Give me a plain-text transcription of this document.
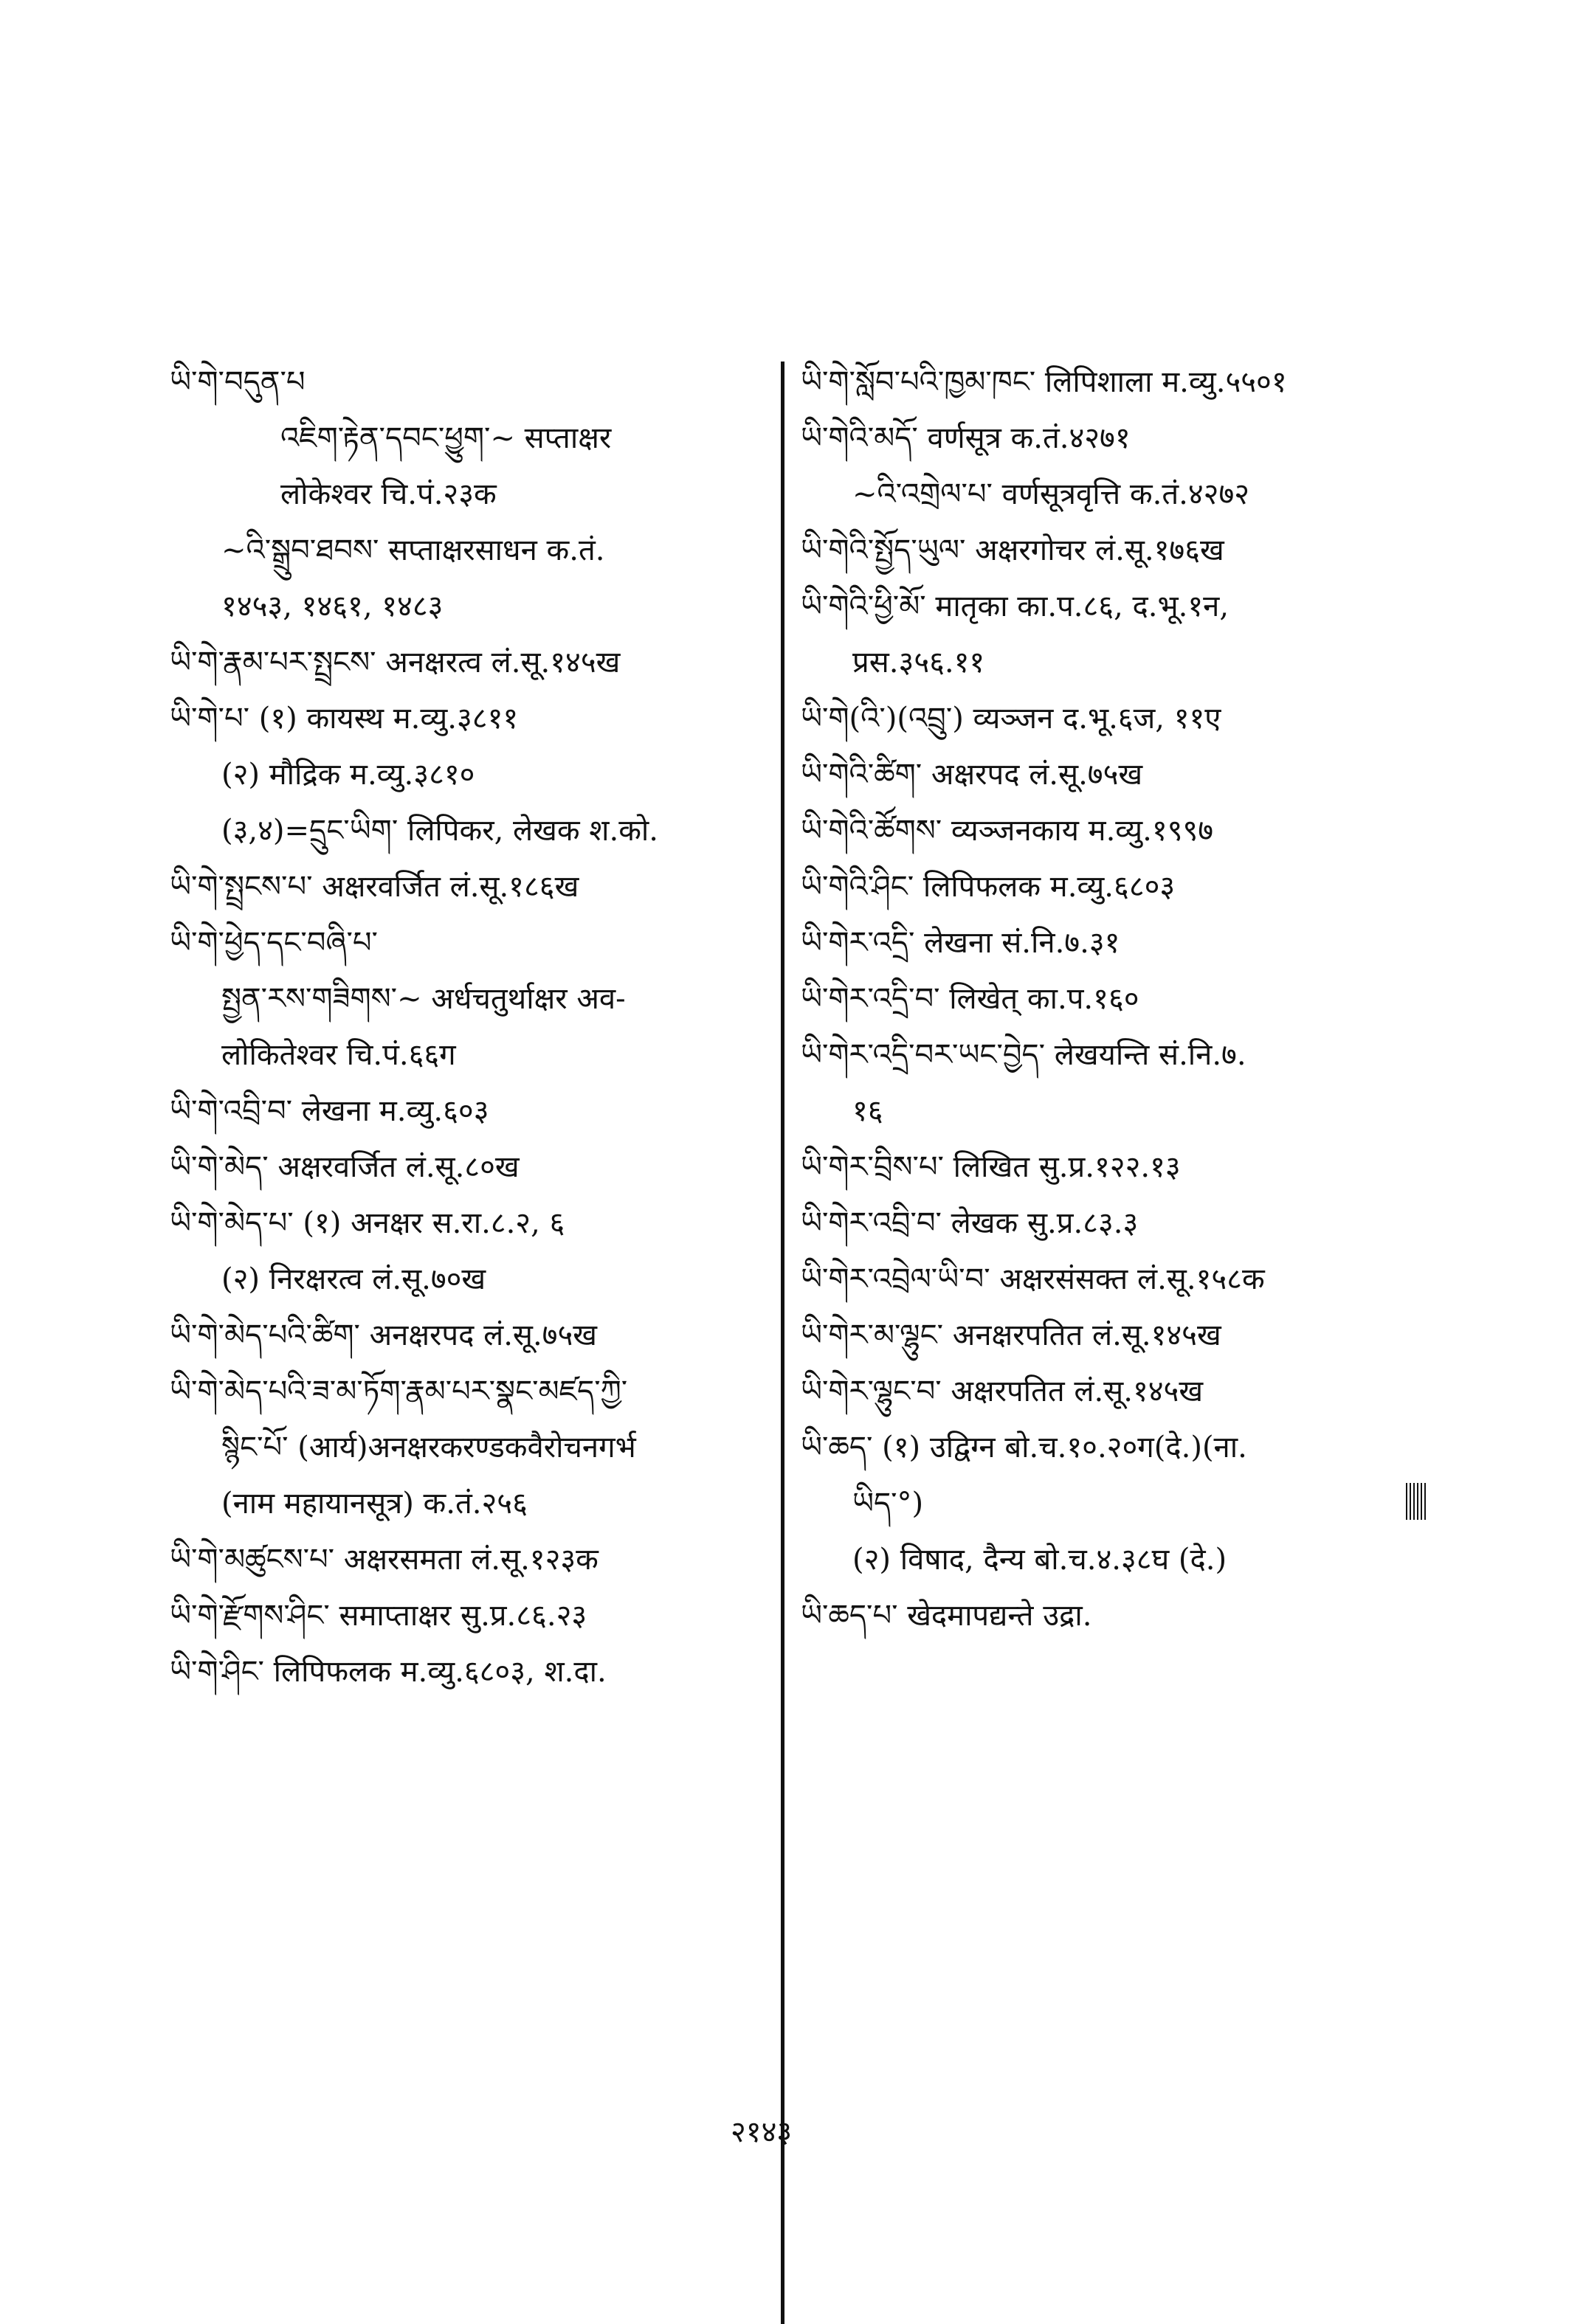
ཡི་གེ་བདུན་པ
འཇིག་རྟེན་དབང་ཕྱུག་~ सप्ताक्षर
लोकेश्वर चि.पं.२३क
~འི་སྒྲུབ་ཐབས་ सप्ताक्षरसाधन क.तं.
१४५३, १४६१, १४८३
ཡི་གེ་རྣམ་པར་སྤྲངས་ अनक्षरत्व लं.सू.१४५ख
ཡི་གེ་པ་ (१) कायस्थ म.व्यु.३८११
(२) मौद्रिक म.व्यु.३८१०
(३,४)=དྲུང་ཡིག་ लिपिकर, लेखक श.को.
ཡི་གེ་སྤྲངས་པ་ अक्षरवर्जित लं.सू.१८६ख
ཡི་གེ་ཕྱེད་དང་བཞི་པ་
སྤྱན་རས་གཟིགས་~ अर्धचतुर्थाक्षर अव-
लोकितेश्वर चि.पं.६६ग
ཡི་གེ་འབྲི་བ་ लेखना म.व्यु.६०३
ཡི་གེ་མེད་ अक्षरवर्जित लं.सू.८०ख
ཡི་གེ་མེད་པ་ (१) अनक्षर स.रा.८.२, ६
(२) निरक्षरत्व लं.सू.७०ख
ཡི་གེ་མེད་པའི་ཚིག་ अनक्षरपद लं.सू.७५ख
ཡི་གེ་མེད་པའི་ཟ་མ་ཏོག་རྣམ་པར་སྣང་མཛད་ཀྱི་
སྙིང་པོ་ (आर्य)अनक्षरकरण्डकवैरोचनगर्भ
(नाम महायानसूत्र) क.तं.२५६
ཡི་གེ་མཚུངས་པ་ अक्षरसमता लं.सू.१२३क
ཡི་གེ་རྫོགས་ཤིང་ समाप्ताक्षर सु.प्र.८६.२३
ཡི་གེ་ཤིང་ लिपिफलक म.व्यु.६८०३, श.दा.
ཡི་གེ་སློབ་པའི་ཁྱམ་ཁང་ लिपिशाला म.व्यु.५५०१
ཡི་གེའི་མདོ་ वर्णसूत्र क.तं.४२७१
~འི་འགྲེལ་པ་ वर्णसूत्रवृत्ति क.तं.४२७२
ཡི་གེའི་སྤྱོད་ཡུལ་ अक्षरगोचर लं.सू.१७६ख
ཡི་གེའི་ཕྱི་མོ་ मातृका का.प.८६, द.भू.१न,
प्रस.३५६.११
ཡི་གེ(འི་)(འབྲུ་) व्यञ्जन द.भू.६ज, ११ए
ཡི་གེའི་ཚིག་ अक्षरपद लं.सू.७५ख
ཡི་གེའི་ཚོགས་ व्यञ्जनकाय म.व्यु.१९९७
ཡི་གེའི་ཤིང་ लिपिफलक म.व्यु.६८०३
ཡི་གེར་འདྲི་ लेखना सं.नि.७.३१
ཡི་གེར་འདྲི་བ་ लिखेत् का.प.१६०
ཡི་གེར་འདྲི་བར་ཡང་བྱེད་ लेखयन्ति सं.नि.७.
१६
ཡི་གེར་བྲིས་པ་ लिखित सु.प्र.१२२.१३
ཡི་གེར་འབྲི་བ་ लेखक सु.प्र.८३.३
ཡི་གེར་འབྲེལ་ཡི་བ་ अक्षरसंसक्त लं.सू.१५८क
ཡི་གེར་མ་ལྷུང་ अनक्षरपतित लं.सू.१४५ख
ཡི་གེར་ལྷུང་བ་ अक्षरपतित लं.सू.१४५ख
ཡི་ཆད་ (१) उद्विग्न बो.च.१०.२०ग(दे.)(ना.
ཡིད་°)
(२) विषाद, दैन्य बो.च.४.३८घ (दे.)
ཡི་ཆད་པ་ खेदमापद्यन्ते उद्रा.
२१४३
